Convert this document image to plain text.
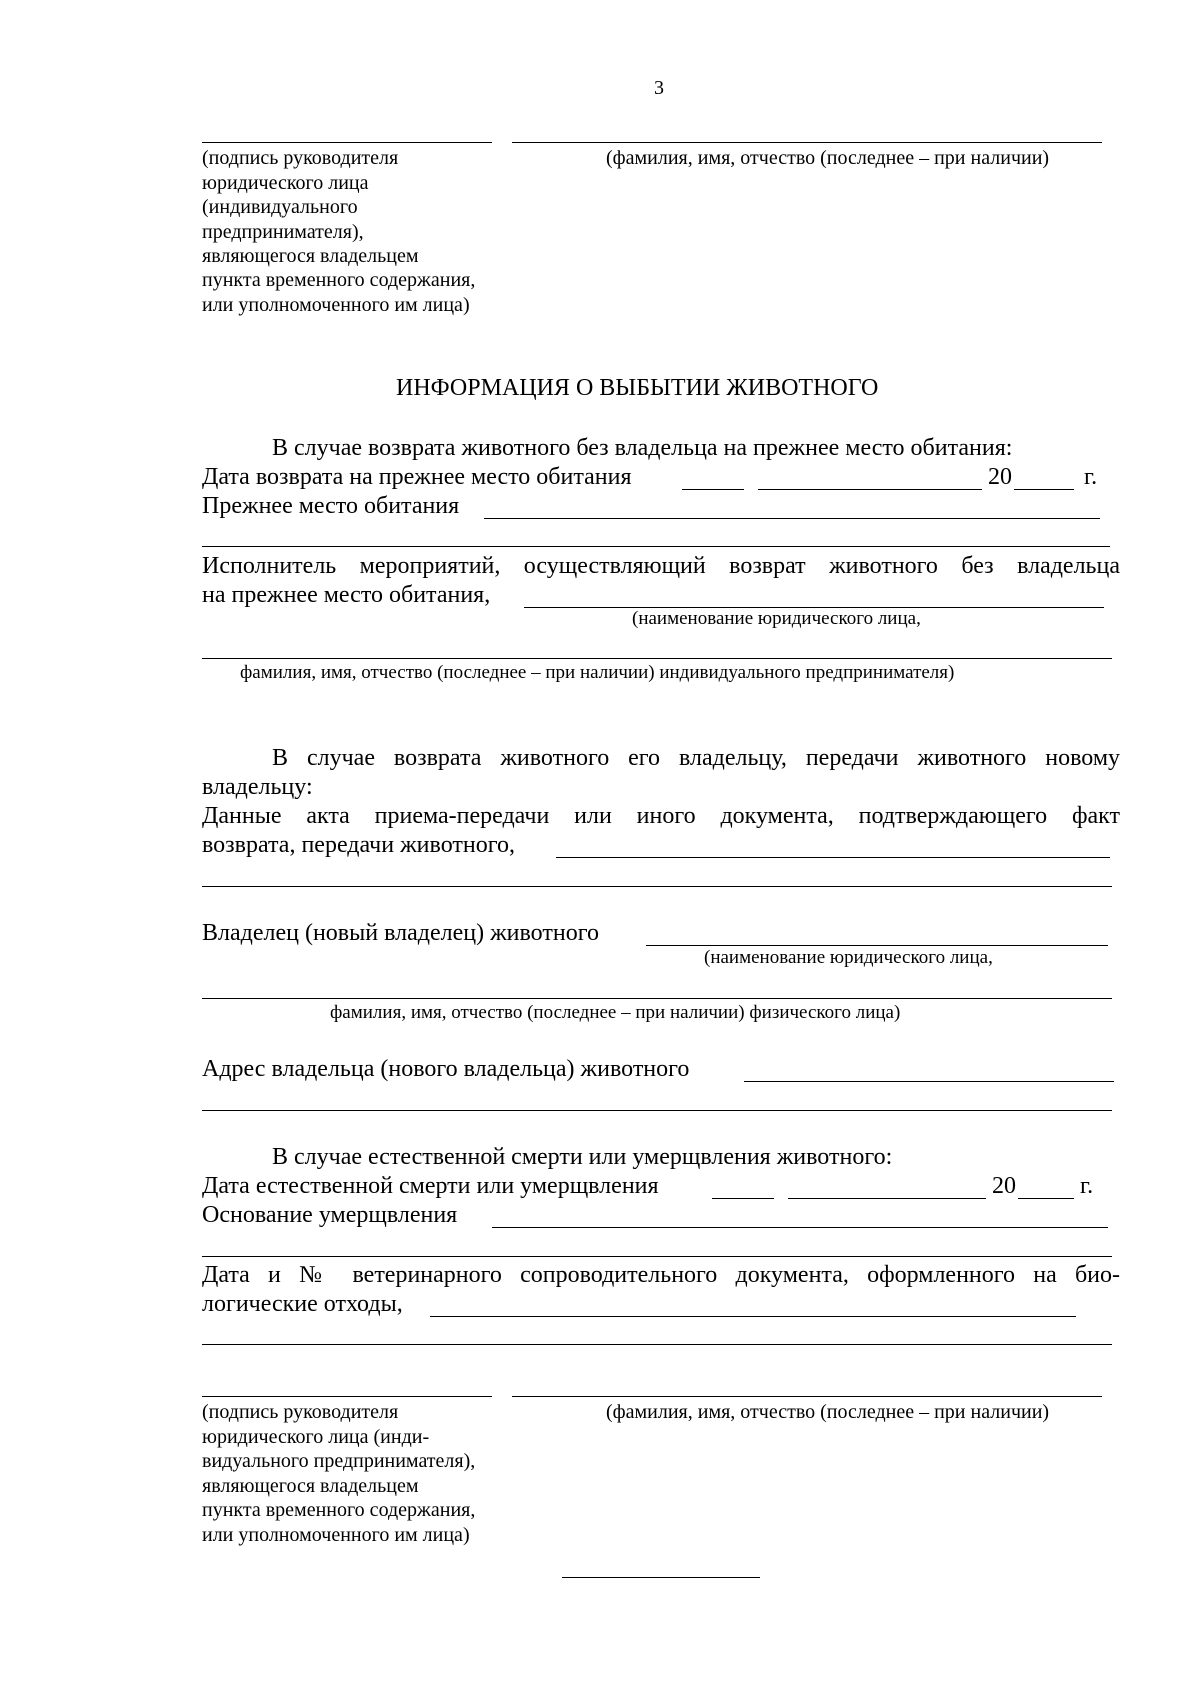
3
(подпись руководителя
юридического лица
(индивидуального
предпринимателя),
являющегося владельцем
пункта временного содержания,
или уполномоченного им лица)
(фамилия, имя, отчество (последнее – при наличии)
ИНФОРМАЦИЯ О ВЫБЫТИИ ЖИВОТНОГО
В случае возврата животного без владельца на прежнее место обитания:
Дата возврата на прежнее место обитания	20	г.
Прежнее место обитания
Исполнитель мероприятий, осуществляющий возврат животного без владельца
на прежнее место обитания,
(наименование юридического лица,
фамилия, имя, отчество (последнее – при наличии) индивидуального предпринимателя)
В случае возврата животного его владельцу, передачи животного новому
владельцу:
Данные акта приема-передачи или иного документа, подтверждающего факт
возврата, передачи животного,
Владелец (новый владелец) животного
(наименование юридического лица,
фамилия, имя, отчество (последнее – при наличии) физического лица)
Адрес владельца (нового владельца) животного
В случае естественной смерти или умерщвления животного:
Дата естественной смерти или умерщвления	20	г.
Основание умерщвления
Дата и № ветеринарного сопроводительного документа, оформленного на био-
логические отходы,
(подпись руководителя
юридического лица (инди-
видуального предпринимателя),
являющегося владельцем
пункта временного содержания,
или уполномоченного им лица)
(фамилия, имя, отчество (последнее – при наличии)
